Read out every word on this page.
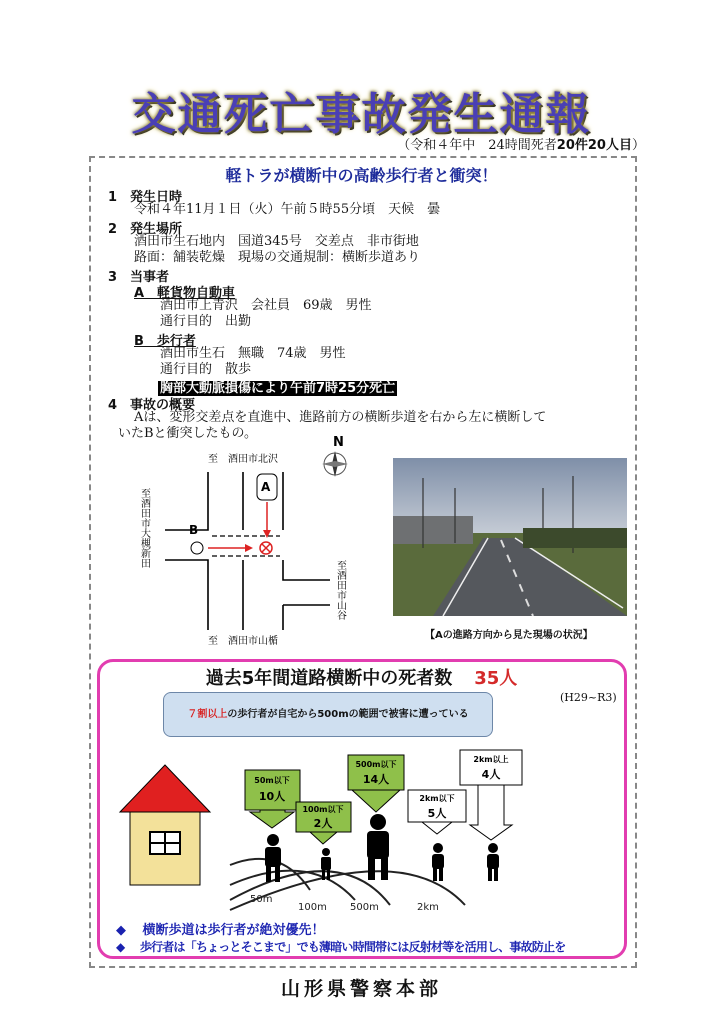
交通死亡事故発生通報
（令和４年中　24時間死者20件20人目）
軽トラが横断中の高齢歩行者と衝突！
1　発生日時
令和４年11月１日（火）午前５時55分頃　天候　曇
2　発生場所
酒田市生石地内　国道345号　交差点　非市街地
路面：舗装乾燥　現場の交通規制：横断歩道あり
3　当事者
A　軽貨物自動車
酒田市上青沢　会社員　69歳　男性
通行目的　出勤
B　歩行者
酒田市生石　無職　74歳　男性
通行目的　散歩
胸部大動脈損傷により午前7時25分死亡
4　事故の概要
Aは、変形交差点を直進中、進路前方の横断歩道を右から左に横断して
いたBと衝突したもの。
N
至　酒田市北沢
至　酒田市山楯
至酒田市山谷
至酒田市大槻新田
A
B
【Aの進路方向から見た現場の状況】
過去5年間道路横断中の死者数 35人
(H29~R3)
７割以上の歩行者が自宅から500mの範囲で被害に遭っている
50m以下
10人
100m以下
2人
500m以下
14人
2km以下
5人
2km以上
4人
50m
100m 500m	2km
◆ 横断歩道は歩行者が絶対優先！
◆ 歩行者は「ちょっとそこまで」でも薄暗い時間帯には反射材等を活用し、事故防止を
山形県警察本部
